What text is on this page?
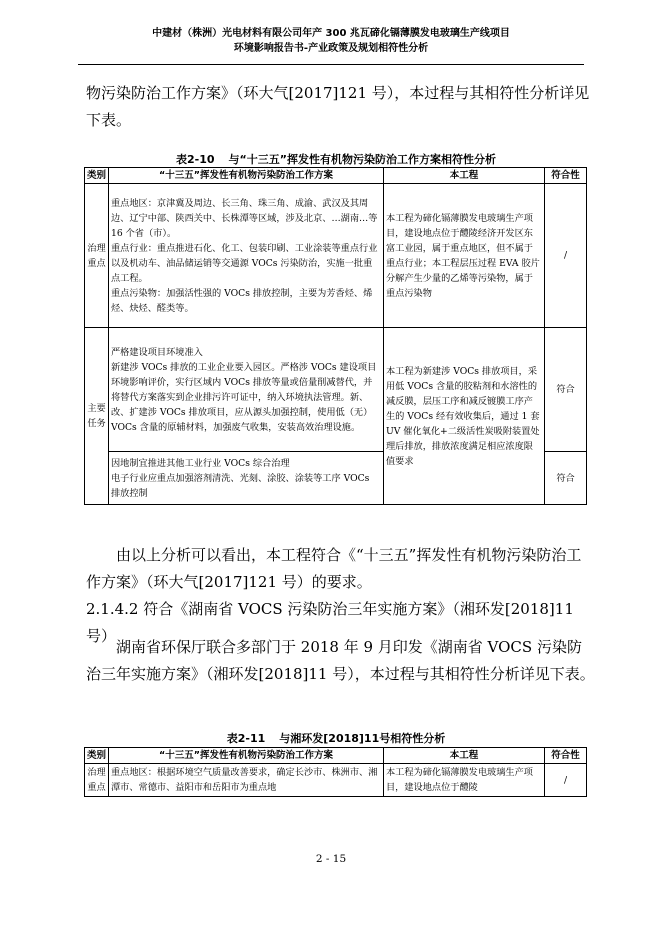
中建材（株洲）光电材料有限公司年产 300 兆瓦碲化镉薄膜发电玻璃生产线项目
环境影响报告书-产业政策及规划相符性分析

物污染防治工作方案》（环大气[2017]121 号），本过程与其相符性分析详见下表。

表2-10 与“十三五”挥发性有机物污染防治工作方案相符性分析
类别	“十三五”挥发性有机物污染防治工作方案	本工程	符合性
治理重点	重点地区：京津冀及周边、长三角、珠三角、成渝、武汉及其周边、辽宁中部、陕西关中、长株潭等区域，涉及北京、…湖南…等 16 个省（市）。
重点行业：重点推进石化、化工、包装印刷、工业涂装等重点行业以及机动车、油品储运销等交通源 VOCs 污染防治，实施一批重点工程。
重点污染物：加强活性强的 VOCs 排放控制，主要为芳香烃、烯烃、炔烃、醛类等。	本工程为碲化镉薄膜发电玻璃生产项目，建设地点位于醴陵经济开发区东富工业园，属于重点地区，但不属于重点行业；本工程层压过程 EVA 胶片分解产生少量的乙烯等污染物，属于重点污染物	/
主要任务	严格建设项目环境准入
新建涉 VOCs 排放的工业企业要入园区。严格涉 VOCs 建设项目环境影响评价，实行区域内 VOCs 排放等量或倍量削减替代，并将替代方案落实到企业排污许可证中，纳入环境执法管理。新、改、扩建涉 VOCs 排放项目，应从源头加强控制，使用低（无）VOCs 含量的原辅材料，加强废气收集，安装高效治理设施。	本工程为新建涉 VOCs 排放项目，采用低 VOCs 含量的胶粘剂和水溶性的减反膜，层压工序和减反镀膜工序产生的 VOCs 经有效收集后，通过 1 套 UV 催化氧化+二级活性炭吸附装置处理后排放，排放浓度满足相应浓度限值要求	符合

	因地制宜推进其他工业行业 VOCs 综合治理
电子行业应重点加强溶剂清洗、光刻、涂胶、涂装等工序 VOCs 排放控制		符合

由以上分析可以看出，本工程符合《“十三五”挥发性有机物污染防治工作方案》（环大气[2017]121 号）的要求。

2.1.4.2 符合《湖南省 VOCS 污染防治三年实施方案》（湘环发[2018]11 号）

湖南省环保厅联合多部门于 2018 年 9 月印发《湖南省 VOCS 污染防治三年实施方案》（湘环发[2018]11 号），本过程与其相符性分析详见下表。

表2-11 与湘环发[2018]11号相符性分析
类别	“十三五”挥发性有机物污染防治工作方案	本工程	符合性
治理重点	重点地区：根据环境空气质量改善要求，确定长沙市、株洲市、湘潭市、常德市、益阳市和岳阳市为重点地	本工程为碲化镉薄膜发电玻璃生产项目，建设地点位于醴陵	/
2 - 15
